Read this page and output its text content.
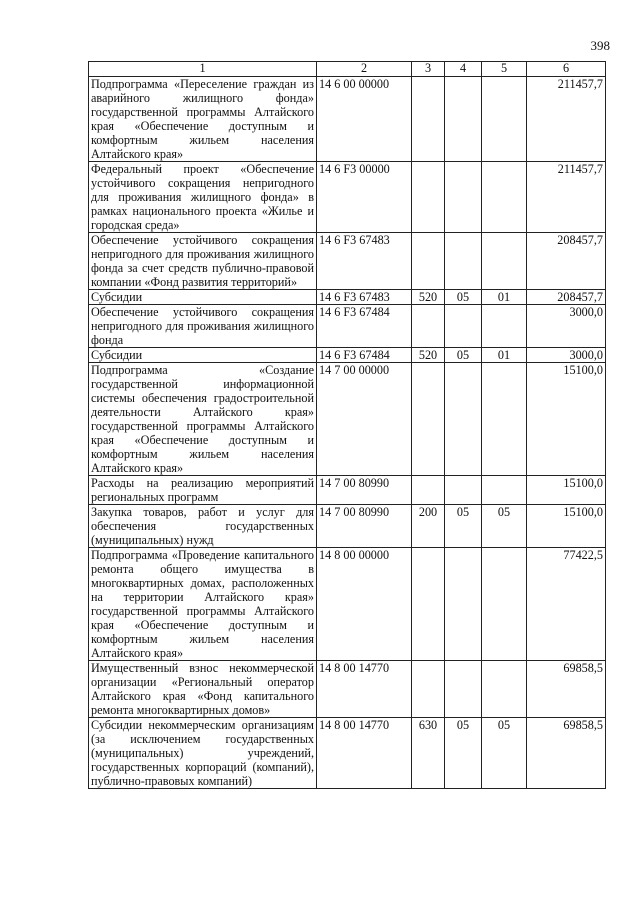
398
1	2	3	4	5	6
Подпрограмма «Переселение граждан из аварийного жилищного фонда» государственной программы Алтайского края «Обеспечение доступным и комфортным жильем населения Алтайского края»	14 6 00 00000				211457,7
Федеральный проект «Обеспечение устойчивого сокращения непригодного для проживания жилищного фонда» в рамках национального проекта «Жилье и городская среда»	14 6 F3 00000				211457,7
Обеспечение устойчивого сокращения непригодного для проживания жилищного фонда за счет средств публично-правовой компании «Фонд развития территорий»	14 6 F3 67483				208457,7
Субсидии	14 6 F3 67483	520	05	01	208457,7
Обеспечение устойчивого сокращения непригодного для проживания жилищного фонда	14 6 F3 67484				3000,0
Субсидии	14 6 F3 67484	520	05	01	3000,0
Подпрограмма «Создание государственной информационной системы обеспечения градостроительной деятельности Алтайского края» государственной программы Алтайского края «Обеспечение доступным и комфортным жильем населения Алтайского края»	14 7 00 00000				15100,0
Расходы на реализацию мероприятий региональных программ	14 7 00 80990				15100,0
Закупка товаров, работ и услуг для обеспечения государственных (муниципальных) нужд	14 7 00 80990	200	05	05	15100,0
Подпрограмма «Проведение капитального ремонта общего имущества в многоквартирных домах, расположенных на территории Алтайского края» государственной программы Алтайского края «Обеспечение доступным и комфортным жильем населения Алтайского края»	14 8 00 00000				77422,5
Имущественный взнос некоммерческой организации «Региональный оператор Алтайского края «Фонд капитального ремонта многоквартирных домов»	14 8 00 14770				69858,5
Субсидии некоммерческим организациям (за исключением государственных (муниципальных) учреждений, государственных корпораций (компаний), публично-правовых компаний)	14 8 00 14770	630	05	05	69858,5
